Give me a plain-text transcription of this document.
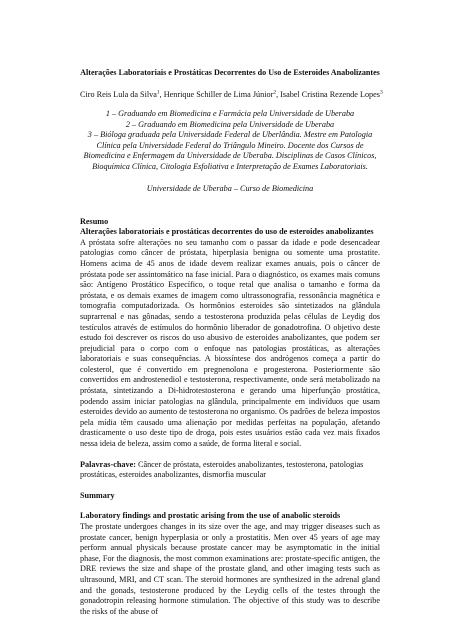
Alterações Laboratoriais e Prostáticas Decorrentes do Uso de Esteroides Anabolizantes

Ciro Reis Lula da Silva$^1$, Henrique Schiller de Lima Júnior$^2$, Isabel Cristina Rezende Lopes$^3$

1 – Graduando em Biomedicina e Farmácia pela Universidade de Uberaba
2 – Graduando em Biomedicina pela Universidade de Uberaba
3 – Bióloga graduada pela Universidade Federal de Uberlândia. Mestre em Patologia Clínica pela Universidade Federal do Triângulo Mineiro. Docente dos Cursos de Biomedicina e Enfermagem da Universidade de Uberaba. Disciplinas de Casos Clínicos, Bioquímica Clínica, Citologia Esfoliativa e Interpretação de Exames Laboratoriais.

Universidade de Uberaba – Curso de Biomedicina

Resumo

Alterações laboratoriais e prostáticas decorrentes do uso de esteroides anabolizantes

A próstata sofre alterações no seu tamanho com o passar da idade e pode desencadear patologias como câncer de próstata, hiperplasia benigna ou somente uma prostatite. Homens acima de 45 anos de idade devem realizar exames anuais, pois o câncer de próstata pode ser assintomático na fase inicial. Para o diagnóstico, os exames mais comuns são: Antígeno Prostático Específico, o toque retal que analisa o tamanho e forma da próstata, e os demais exames de imagem como ultrassonografia, ressonância magnética e tomografia computadorizada. Os hormônios esteroides são sintetizados na glândula suprarrenal e nas gônadas, sendo a testosterona produzida pelas células de Leydig dos testículos através de estímulos do hormônio liberador de gonadotrofina. O objetivo deste estudo foi descrever os riscos do uso abusivo de esteroides anabolizantes, que podem ser prejudicial para o corpo com o enfoque nas patologias prostáticas, as alterações laboratoriais e suas consequências. A biossíntese dos andrógenos começa a partir do colesterol, que é convertido em pregnenolona e progesterona. Posteriormente são convertidos em androstenediol e testosterona, respectivamente, onde será metabolizado na próstata, sintetizando a Di-hidrotestosterona e gerando uma hiperfunção prostática, podendo assim iniciar patologias na glândula, principalmente em indivíduos que usam esteroides devido ao aumento de testosterona no organismo. Os padrões de beleza impostos pela mídia têm causado uma alienação por medidas perfeitas na população, afetando drasticamente o uso deste tipo de droga, pois estes usuários estão cada vez mais fixados nessa ideia de beleza, assim como a saúde, de forma literal e social.

Palavras-chave: Câncer de próstata, esteroides anabolizantes, testosterona, patologias prostáticas, esteroides anabolizantes, dismorfia muscular

Summary

Laboratory findings and prostatic arising from the use of anabolic steroids

The prostate undergoes changes in its size over the age, and may trigger diseases such as prostate cancer, benign hyperplasia or only a prostatitis. Men over 45 years of age may perform annual physicals because prostate cancer may be asymptomatic in the initial phase, For the diagnosis, the most common examinations are: prostate-specific antigen, the DRE reviews the size and shape of the prostate gland, and other imaging tests such as ultrasound, MRI, and CT scan. The steroid hormones are synthesized in the adrenal gland and the gonads, testosterone produced by the Leydig cells of the testes through the gonadotropin releasing hormone stimulation. The objective of this study was to describe the risks of the abuse of
